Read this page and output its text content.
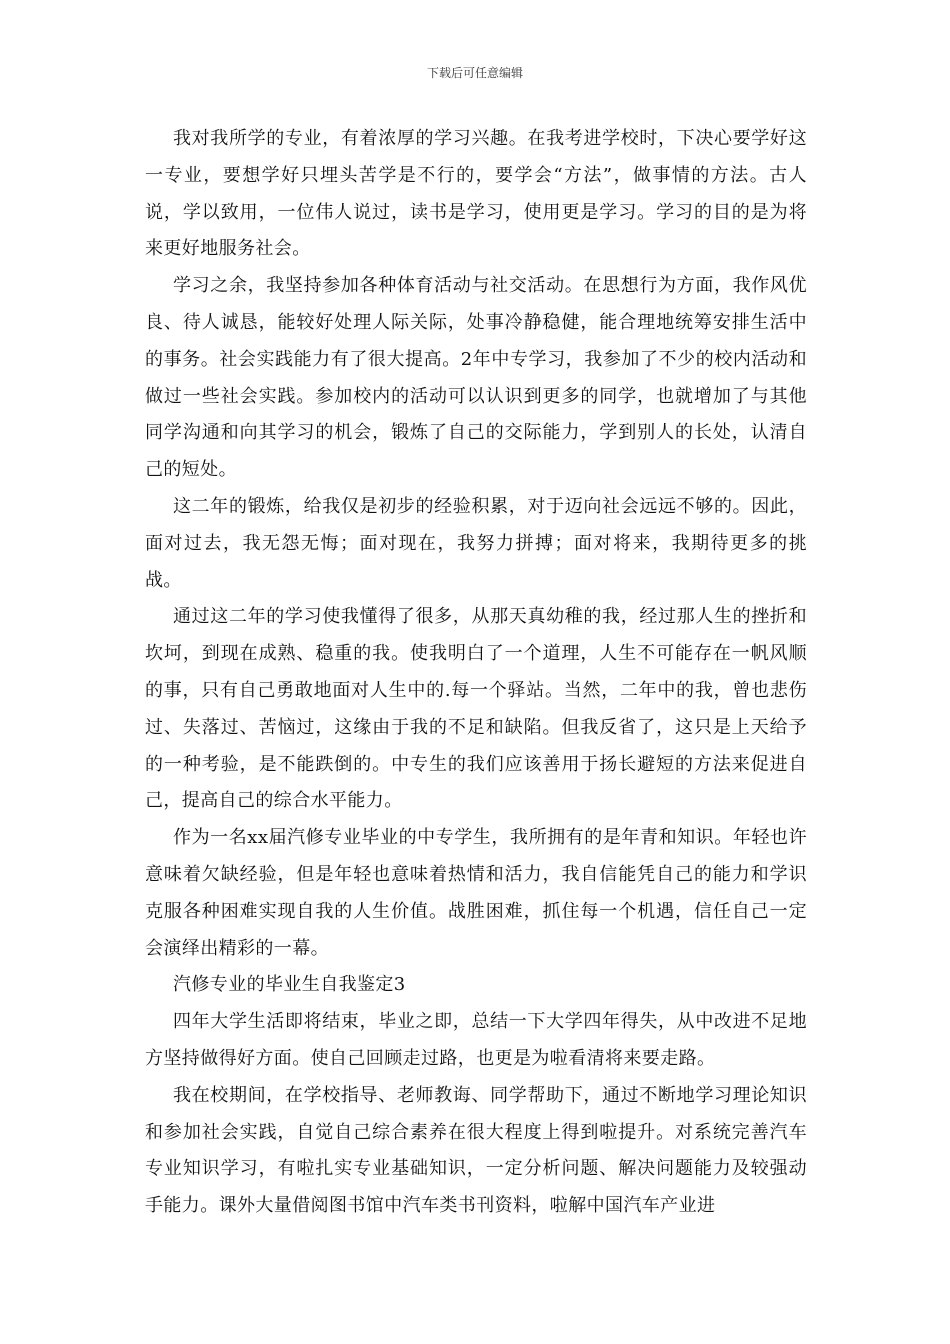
下载后可任意编辑

我对我所学的专业，有着浓厚的学习兴趣。在我考进学校时，下决心要学好这一专业，要想学好只埋头苦学是不行的，要学会“方法”，做事情的方法。古人说，学以致用，一位伟人说过，读书是学习，使用更是学习。学习的目的是为将来更好地服务社会。

学习之余，我坚持参加各种体育活动与社交活动。在思想行为方面，我作风优良、待人诚恳，能较好处理人际关际，处事冷静稳健，能合理地统筹安排生活中的事务。社会实践能力有了很大提高。2年中专学习，我参加了不少的校内活动和做过一些社会实践。参加校内的活动可以认识到更多的同学，也就增加了与其他同学沟通和向其学习的机会，锻炼了自己的交际能力，学到别人的长处，认清自己的短处。

这二年的锻炼，给我仅是初步的经验积累，对于迈向社会远远不够的。因此，面对过去，我无怨无悔；面对现在，我努力拼搏；面对将来，我期待更多的挑战。

通过这二年的学习使我懂得了很多，从那天真幼稚的我，经过那人生的挫折和坎坷，到现在成熟、稳重的我。使我明白了一个道理，人生不可能存在一帆风顺的事，只有自己勇敢地面对人生中的.每一个驿站。当然，二年中的我，曾也悲伤过、失落过、苦恼过，这缘由于我的不足和缺陷。但我反省了，这只是上天给予的一种考验，是不能跌倒的。中专生的我们应该善用于扬长避短的方法来促进自己，提高自己的综合水平能力。

作为一名xx届汽修专业毕业的中专学生，我所拥有的是年青和知识。年轻也许意味着欠缺经验，但是年轻也意味着热情和活力，我自信能凭自己的能力和学识克服各种困难实现自我的人生价值。战胜困难，抓住每一个机遇，信任自己一定会演绎出精彩的一幕。

汽修专业的毕业生自我鉴定3

四年大学生活即将结束，毕业之即，总结一下大学四年得失，从中改进不足地方坚持做得好方面。使自己回顾走过路，也更是为啦看清将来要走路。

我在校期间，在学校指导、老师教诲、同学帮助下，通过不断地学习理论知识和参加社会实践，自觉自己综合素养在很大程度上得到啦提升。对系统完善汽车专业知识学习，有啦扎实专业基础知识，一定分析问题、解决问题能力及较强动手能力。课外大量借阅图书馆中汽车类书刊资料，啦解中国汽车产业进
